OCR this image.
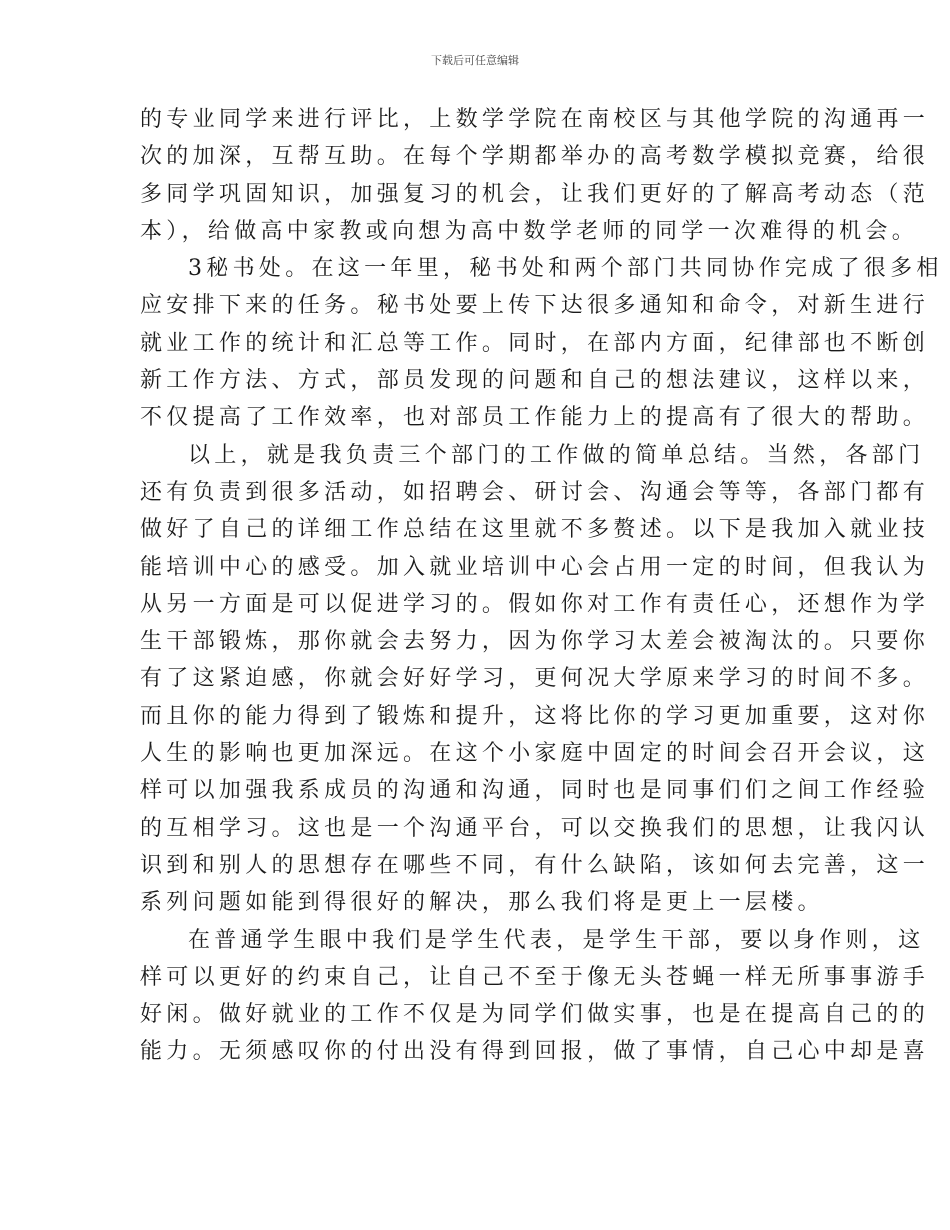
下载后可任意编辑
的专业同学来进行评比，上数学学院在南校区与其他学院的沟通再一
次的加深，互帮互助。在每个学期都举办的高考数学模拟竞赛，给很
多同学巩固知识，加强复习的机会，让我们更好的了解高考动态（范
本），给做高中家教或向想为高中数学老师的同学一次难得的机会。
3秘书处。在这一年里，秘书处和两个部门共同协作完成了很多相
应安排下来的任务。秘书处要上传下达很多通知和命令，对新生进行
就业工作的统计和汇总等工作。同时，在部内方面，纪律部也不断创
新工作方法、方式，部员发现的问题和自己的想法建议，这样以来，
不仅提高了工作效率，也对部员工作能力上的提高有了很大的帮助。
以上，就是我负责三个部门的工作做的简单总结。当然，各部门
还有负责到很多活动，如招聘会、研讨会、沟通会等等，各部门都有
做好了自己的详细工作总结在这里就不多赘述。以下是我加入就业技
能培训中心的感受。加入就业培训中心会占用一定的时间，但我认为
从另一方面是可以促进学习的。假如你对工作有责任心，还想作为学
生干部锻炼，那你就会去努力，因为你学习太差会被淘汰的。只要你
有了这紧迫感，你就会好好学习，更何况大学原来学习的时间不多。
而且你的能力得到了锻炼和提升，这将比你的学习更加重要，这对你
人生的影响也更加深远。在这个小家庭中固定的时间会召开会议，这
样可以加强我系成员的沟通和沟通，同时也是同事们们之间工作经验
的互相学习。这也是一个沟通平台，可以交换我们的思想，让我闪认
识到和别人的思想存在哪些不同，有什么缺陷，该如何去完善，这一
系列问题如能到得很好的解决，那么我们将是更上一层楼。
在普通学生眼中我们是学生代表，是学生干部，要以身作则，这
样可以更好的约束自己，让自己不至于像无头苍蝇一样无所事事游手
好闲。做好就业的工作不仅是为同学们做实事，也是在提高自己的的
能力。无须感叹你的付出没有得到回报，做了事情，自己心中却是喜
